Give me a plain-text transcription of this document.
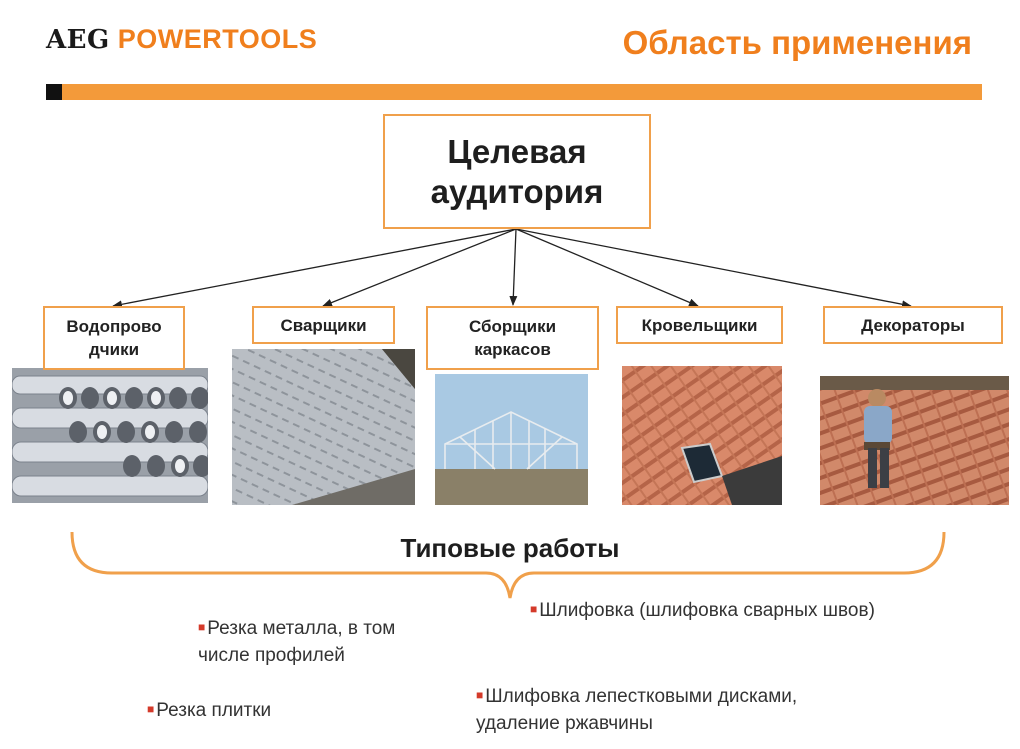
AEG POWERTOOLS	Область применения
Целевая аудитория
Водопрово дчики
Сварщики	Сборщики каркасов
Кровельщики	Декораторы
Типовые работы
■ Резка металла, в том числе профилей
■ Шлифовка (шлифовка сварных швов)
■ Резка плитки
■ Шлифовка лепестковыми дисками, удаление ржавчины
